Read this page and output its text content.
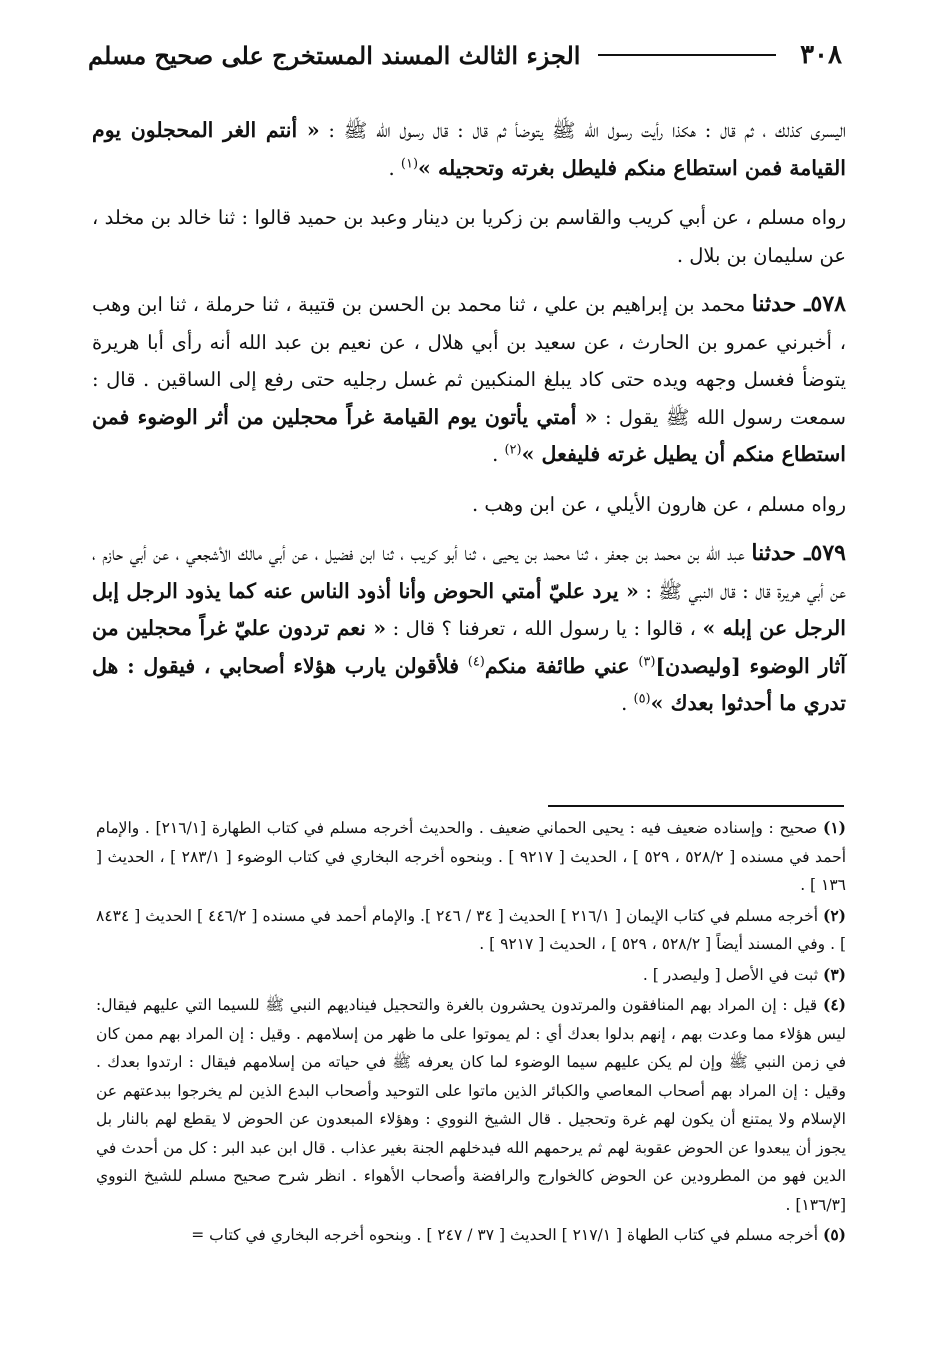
٣٠٨
الجزء الثالث المسند المستخرج على صحيح مسلم

اليسرى كذلك ، ثم قال : هكذا رأيت رسول الله ﷺ يتوضأ ثم قال : قال رسول الله ﷺ : « أنتم الغر المحجلون يوم القيامة فمن استطاع منكم فليطل بغرته وتحجيله »$^{(١)}$ .

رواه مسلم ، عن أبي كريب والقاسم بن زكريا بن دينار وعبد بن حميد قالوا : ثنا خالد بن مخلد ، عن سليمان بن بلال .

٥٧٨ـ حدثنا محمد بن إبراهيم بن علي ، ثنا محمد بن الحسن بن قتيبة ، ثنا حرملة ، ثنا ابن وهب ، أخبرني عمرو بن الحارث ، عن سعيد بن أبي هلال ، عن نعيم بن عبد الله أنه رأى أبا هريرة يتوضأ فغسل وجهه ويده حتى كاد يبلغ المنكبين ثم غسل رجليه حتى رفع إلى الساقين . قال : سمعت رسول الله ﷺ يقول : « أمتي يأتون يوم القيامة غراً محجلين من أثر الوضوء فمن استطاع منكم أن يطيل غرته فليفعل »$^{(٢)}$ .

رواه مسلم ، عن هارون الأيلي ، عن ابن وهب .

٥٧٩ـ حدثنا عبد الله بن محمد بن جعفر ، ثنا محمد بن يحيى ، ثنا أبو كريب ، ثنا ابن فضيل ، عن أبي مالك الأشجعي ، عن أبي حازم ، عن أبي هريرة قال : قال النبي ﷺ : « يرد عليّ أمتي الحوض وأنا أذود الناس عنه كما يذود الرجل إبل الرجل عن إبله » ، قالوا : يا رسول الله ، تعرفنا ؟ قال : « نعم تردون عليّ غراً محجلين من آثار الوضوء [وليصدن]$^{(٣)}$ عني طائفة منكم$^{(٤)}$ فلأقولن يارب هؤلاء أصحابي ، فيقول : هل تدري ما أحدثوا بعدك »$^{(٥)}$ .

(١) صحيح : وإسناده ضعيف فيه : يحيى الحماني ضعيف . والحديث أخرجه مسلم في كتاب الطهارة [٢١٦/١] . والإمام أحمد في مسنده [ ٥٢٨/٢ ، ٥٢٩ ] ، الحديث [ ٩٢١٧ ] . وبنحوه أخرجه البخاري في كتاب الوضوء [ ٢٨٣/١ ] ، الحديث [ ١٣٦ ] .

(٢) أخرجه مسلم في كتاب الإيمان [ ٢١٦/١ ] الحديث [ ٣٤ / ٢٤٦ ]. والإمام أحمد في مسنده [ ٤٤٦/٢ ] الحديث [ ٨٤٣٤ ] . وفي المسند أيضاً [ ٥٢٨/٢ ، ٥٢٩ ] ، الحديث [ ٩٢١٧ ] .

(٣) ثبت في الأصل [ وليصدر ] .

(٤) قيل : إن المراد بهم المنافقون والمرتدون يحشرون بالغرة والتحجيل فيناديهم النبي ﷺ للسيما التي عليهم فيقال: ليس هؤلاء مما وعدت بهم ، إنهم بدلوا بعدك أي : لم يموتوا على ما ظهر من إسلامهم . وقيل : إن المراد بهم ممن كان في زمن النبي ﷺ وإن لم يكن عليهم سيما الوضوء لما كان يعرفه ﷺ في حياته من إسلامهم فيقال : ارتدوا بعدك . وقيل : إن المراد بهم أصحاب المعاصي والكبائر الذين ماتوا على التوحيد وأصحاب البدع الذين لم يخرجوا ببدعتهم عن الإسلام ولا يمتنع أن يكون لهم غرة وتحجيل . قال الشيخ النووي : وهؤلاء المبعدون عن الحوض لا يقطع لهم بالنار بل يجوز أن يبعدوا عن الحوض عقوبة لهم ثم يرحمهم الله فيدخلهم الجنة بغير عذاب . قال ابن عبد البر : كل من أحدث في الدين فهو من المطرودين عن الحوض كالخوارج والرافضة وأصحاب الأهواء . انظر شرح صحيح مسلم للشيخ النووي [١٣٦/٣] .

(٥) أخرجه مسلم في كتاب الطهاة [ ٢١٧/١ ] الحديث [ ٣٧ / ٢٤٧ ] . وبنحوه أخرجه البخاري في كتاب =
